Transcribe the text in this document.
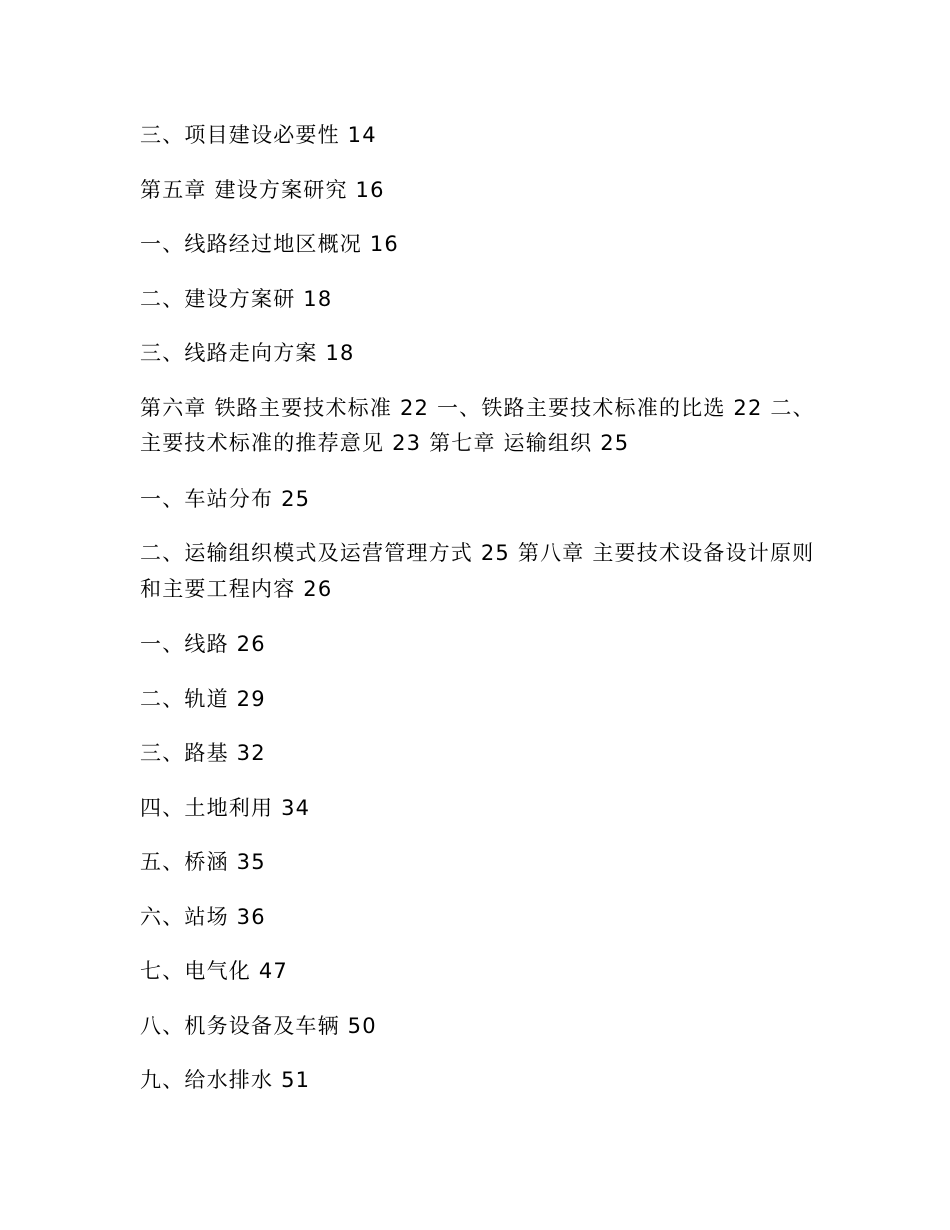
三、项目建设必要性 14
第五章 建设方案研究 16
一、线路经过地区概况 16
二、建设方案研 18
三、线路走向方案 18
第六章 铁路主要技术标准 22 一、铁路主要技术标准的比选 22 二、主要技术标准的推荐意见 23 第七章 运输组织 25
一、车站分布 25
二、运输组织模式及运营管理方式 25 第八章 主要技术设备设计原则和主要工程内容 26
一、线路 26
二、轨道 29
三、路基 32
四、土地利用 34
五、桥涵 35
六、站场 36
七、电气化 47
八、机务设备及车辆 50
九、给水排水 51
